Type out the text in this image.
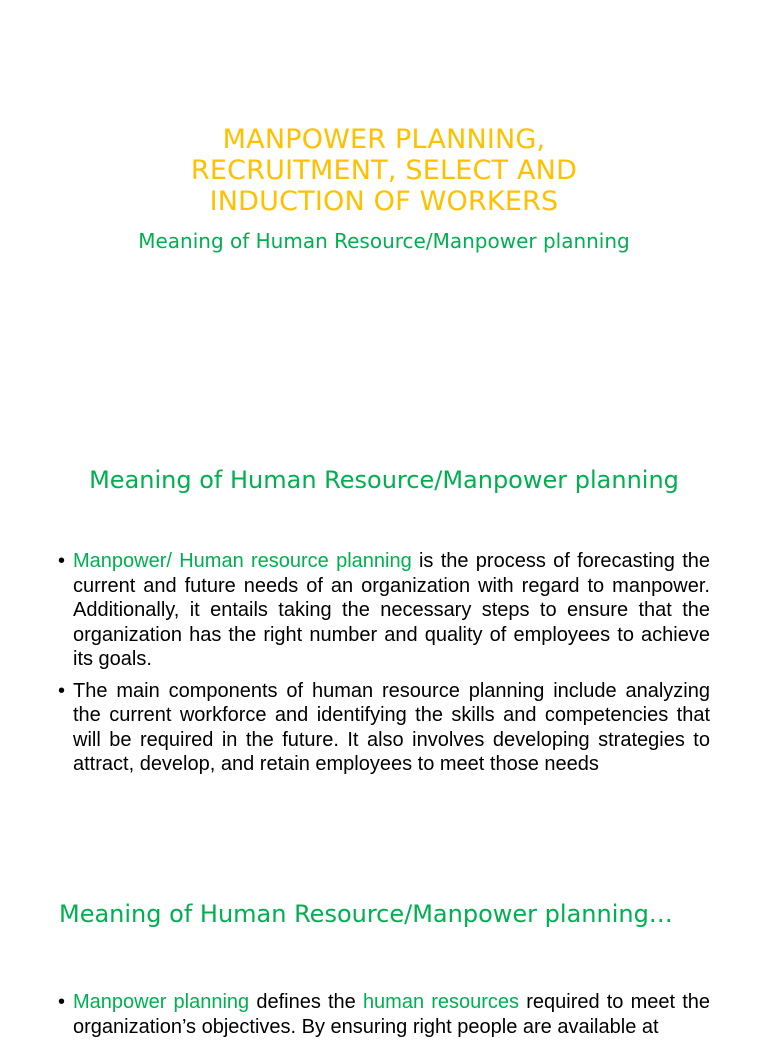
MANPOWER PLANNING,
RECRUITMENT, SELECT AND
INDUCTION OF WORKERS
Meaning of Human Resource/Manpower planning
Meaning of Human Resource/Manpower planning
• Manpower/ Human resource planning is the process of forecasting the current and future needs of an organization with regard to manpower. Additionally, it entails taking the necessary steps to ensure that the organization has the right number and quality of employees to achieve its goals.
• The main components of human resource planning include analyzing the current workforce and identifying the skills and competencies that will be required in the future. It also involves developing strategies to attract, develop, and retain employees to meet those needs
Meaning of Human Resource/Manpower planning…
• Manpower planning defines the human resources required to meet the organization’s objectives. By ensuring right people are available at
